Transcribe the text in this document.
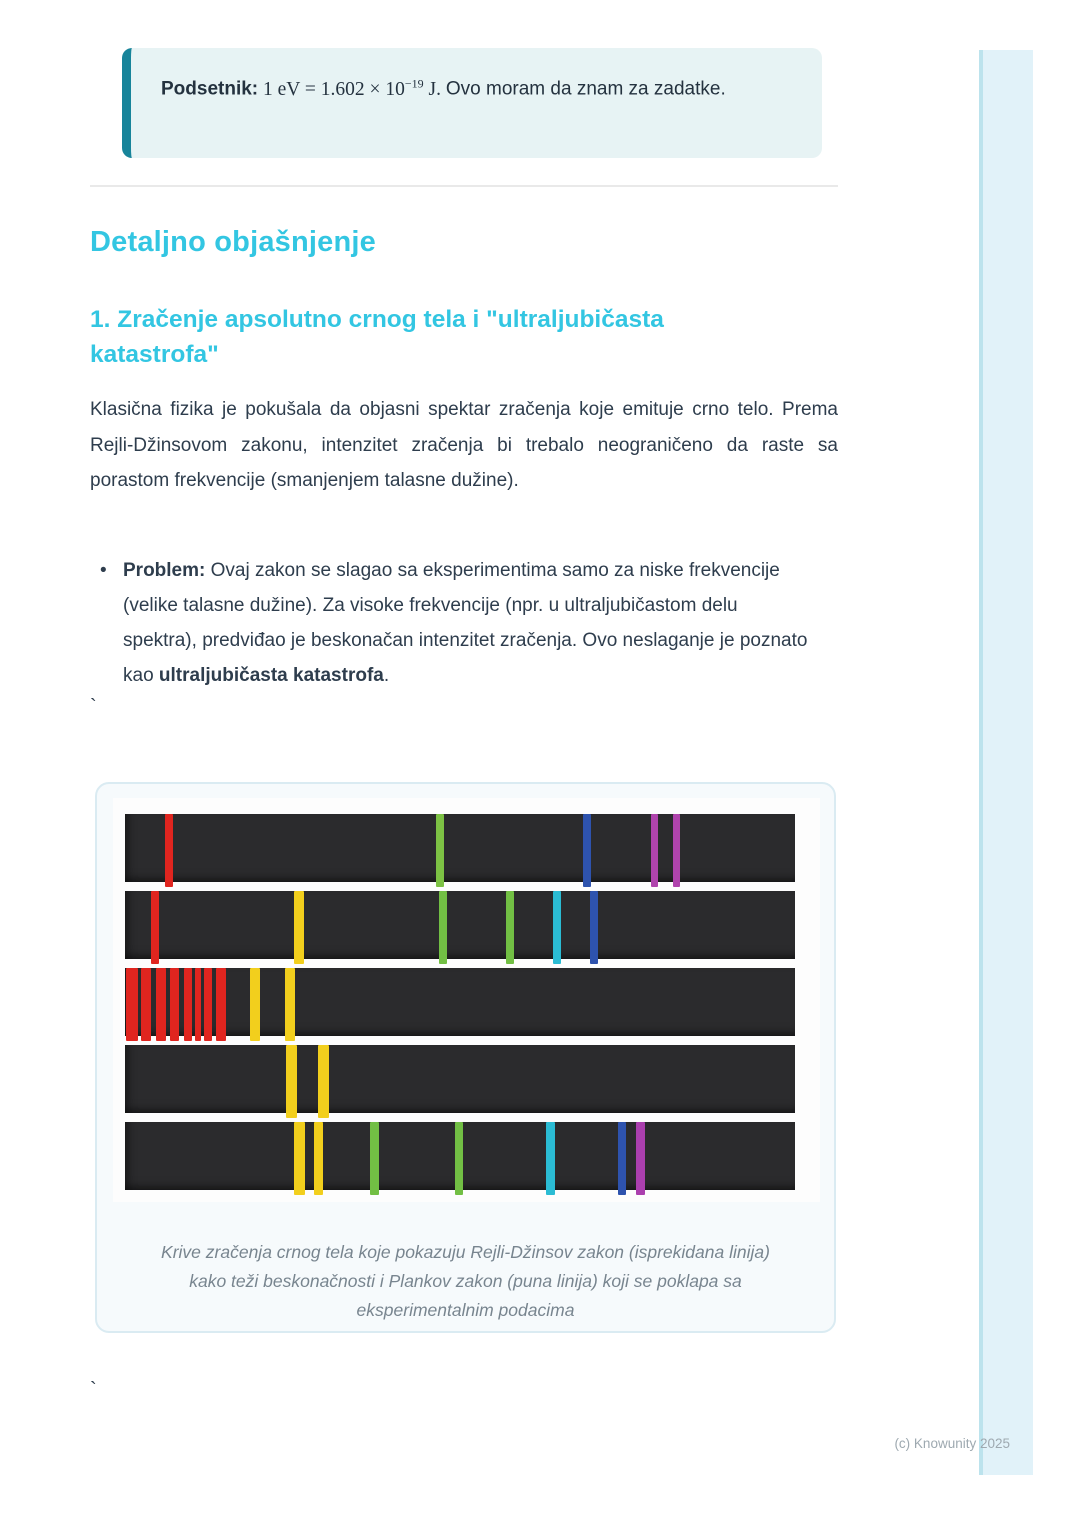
Podsetnik: 1 eV = $1.602 \times 10^{-19}$ J. Ovo moram da znam za zadatke.

Detaljno objašnjenje
1. Zračenje apsolutno crnog tela i "ultraljubičasta katastrofa"

Klasična fizika je pokušala da objasni spektar zračenja koje emituje crno telo. Prema Rejli-Džinsovom zakonu, intenzitet zračenja bi trebalo neograničeno da raste sa porastom frekvencije (smanjenjem talasne dužine).

• Problem: Ovaj zakon se slagao sa eksperimentima samo za niske frekvencije (velike talasne dužine). Za visoke frekvencije (npr. u ultraljubičastom delu spektra), predviđao je beskonačan intenzitet zračenja. Ovo neslaganje je poznato kao ultraljubičasta katastrofa.

`
Krive zračenja crnog tela koje pokazuju Rejli-Džinsov zakon (isprekidana linija) kako teži beskonačnosti i Plankov zakon (puna linija) koji se poklapa sa eksperimentalnim podacima
`
(c) Knowunity 2025
